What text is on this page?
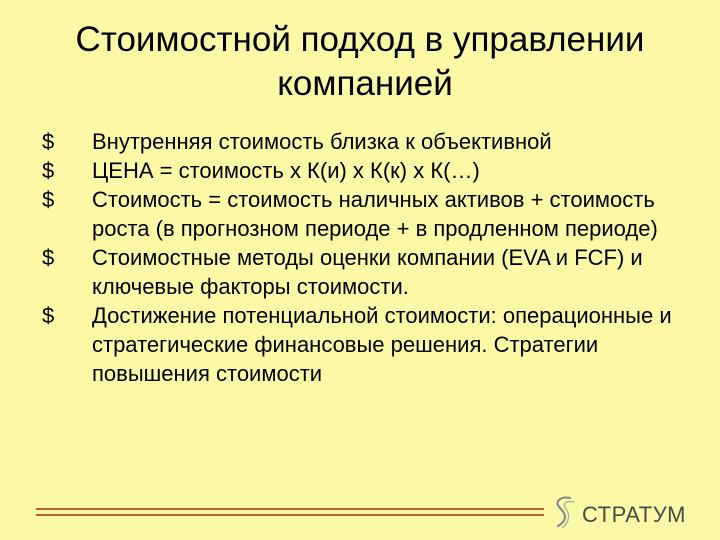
Стоимостной подход в управлении
компанией
$ Внутренняя стоимость близка к объективной
$ ЦЕНА = стоимость х К(и) х К(к) х К(…)
$ Стоимость = стоимость наличных активов + стоимость роста (в прогнозном периоде + в продленном периоде)
$ Стоимостные методы оценки компании (EVA и FCF) и ключевые факторы стоимости.
$ Достижение потенциальной стоимости: операционные и стратегические финансовые решения. Стратегии повышения стоимости
СТРАТУМ
